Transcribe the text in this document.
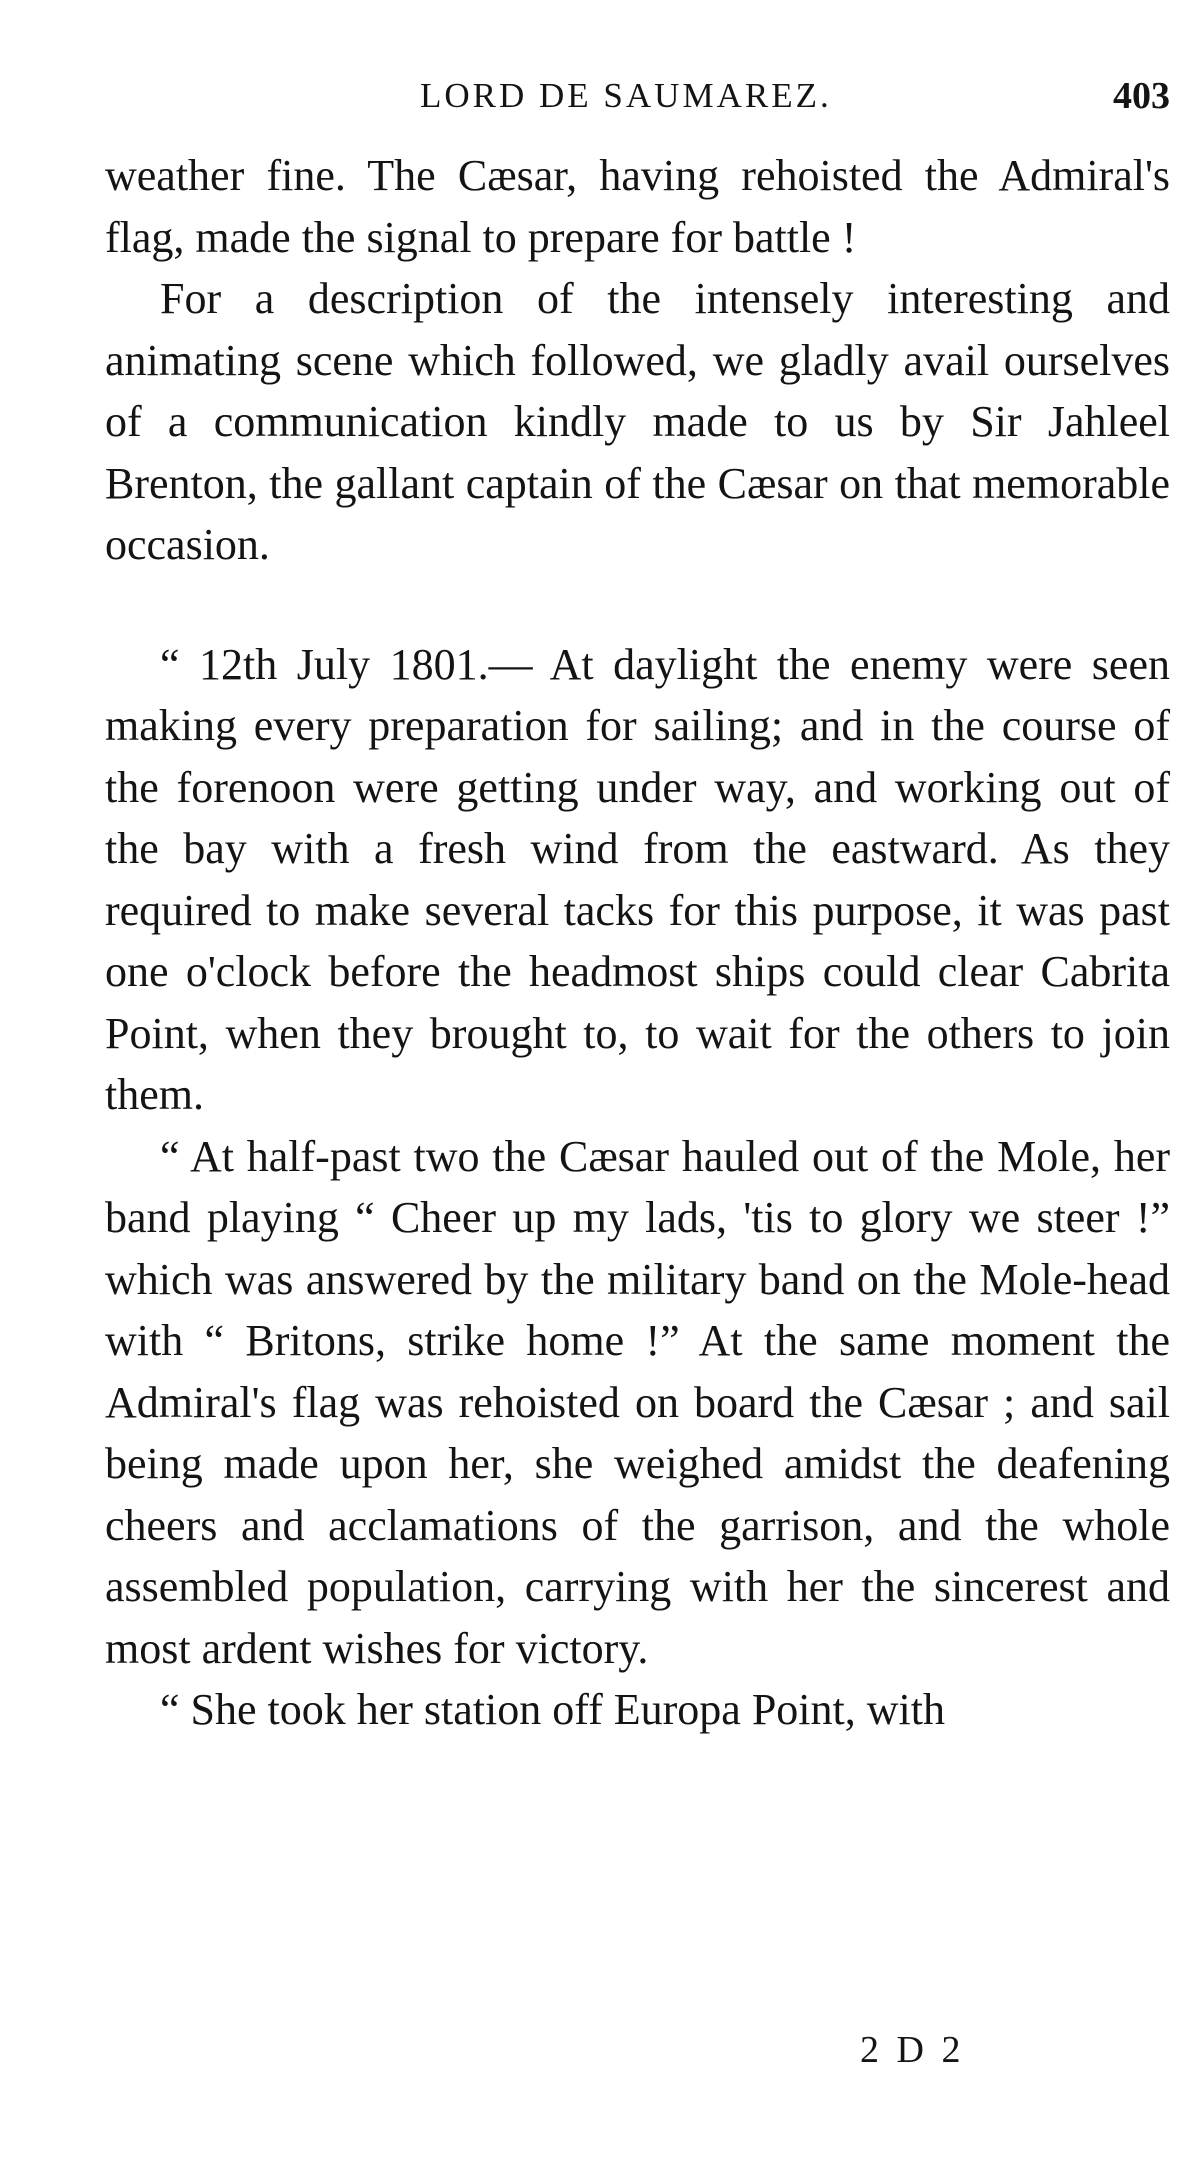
LORD DE SAUMAREZ.	403

weather fine. The Cæsar, having rehoisted the Admiral's flag, made the signal to prepare for battle !

For a description of the intensely interesting and animating scene which followed, we gladly avail ourselves of a communication kindly made to us by Sir Jahleel Brenton, the gallant captain of the Cæsar on that memorable occasion.

“ 12th July 1801.— At daylight the enemy were seen making every preparation for sailing; and in the course of the forenoon were getting under way, and working out of the bay with a fresh wind from the eastward. As they required to make several tacks for this purpose, it was past one o'clock before the headmost ships could clear Cabrita Point, when they brought to, to wait for the others to join them.

“ At half-past two the Cæsar hauled out of the Mole, her band playing “ Cheer up my lads, 'tis to glory we steer !” which was answered by the military band on the Mole-head with “ Britons, strike home !” At the same moment the Admiral's flag was rehoisted on board the Cæsar ; and sail being made upon her, she weighed amidst the deafening cheers and acclamations of the garrison, and the whole assembled population, carrying with her the sincerest and most ardent wishes for victory.

“ She took her station off Europa Point, with

2 D 2
